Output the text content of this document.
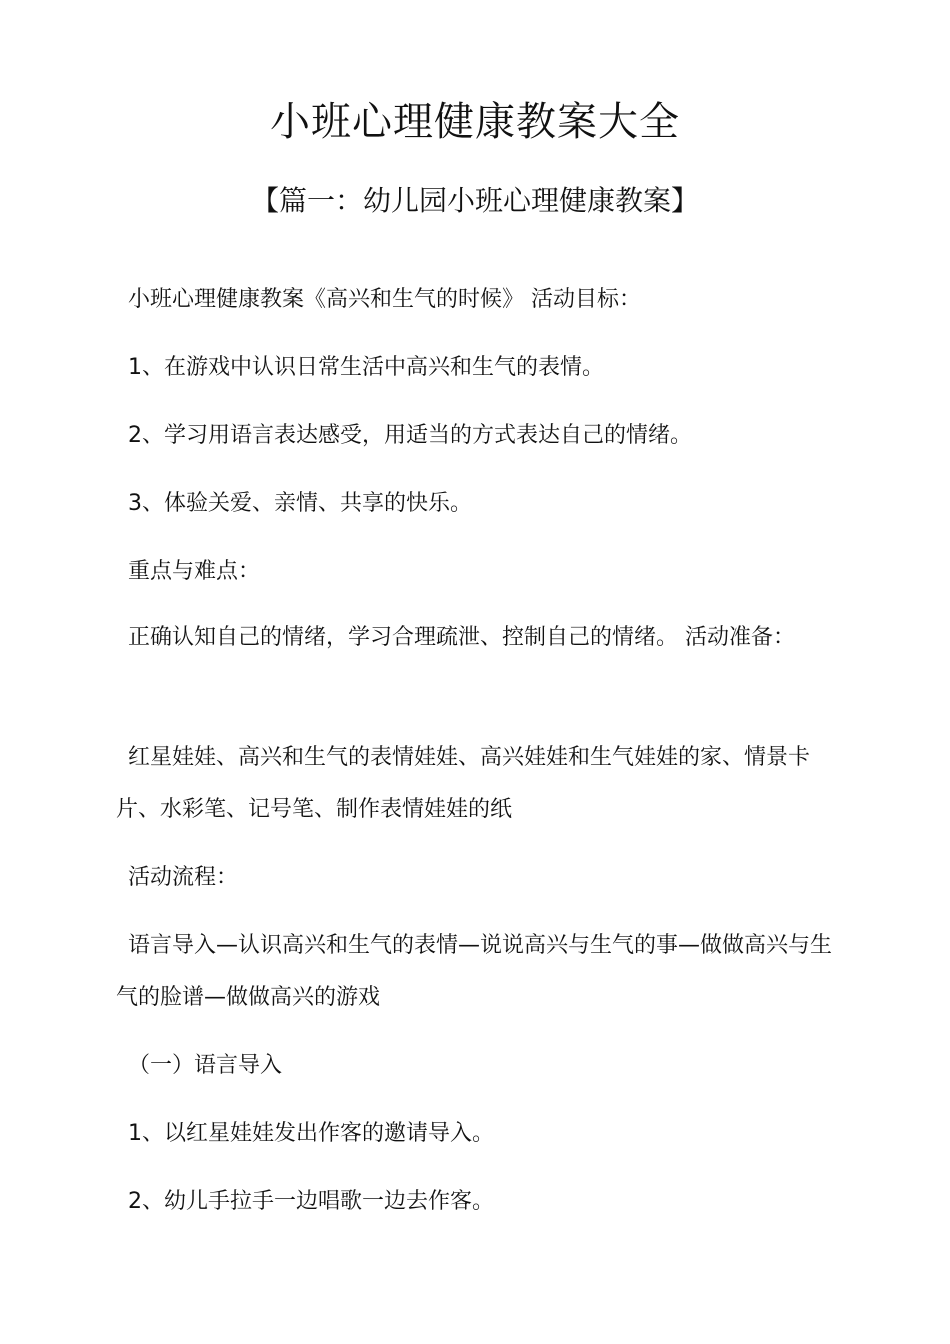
小班心理健康教案大全
【篇一：幼儿园小班心理健康教案】

小班心理健康教案《高兴和生气的时候》 活动目标：

1、在游戏中认识日常生活中高兴和生气的表情。

2、学习用语言表达感受，用适当的方式表达自己的情绪。

3、体验关爱、亲情、共享的快乐。

重点与难点：

正确认知自己的情绪，学习合理疏泄、控制自己的情绪。 活动准备：

红星娃娃、高兴和生气的表情娃娃、高兴娃娃和生气娃娃的家、情景卡片、水彩笔、记号笔、制作表情娃娃的纸

活动流程：

语言导入—认识高兴和生气的表情—说说高兴与生气的事—做做高兴与生气的脸谱—做做高兴的游戏

（一）语言导入

1、以红星娃娃发出作客的邀请导入。

2、幼儿手拉手一边唱歌一边去作客。
